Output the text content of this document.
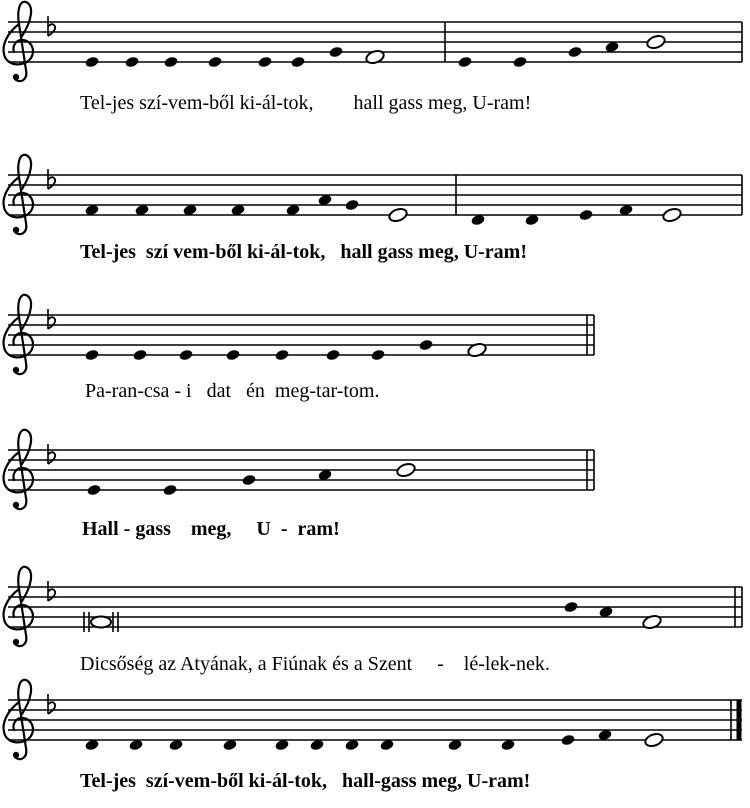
Tel-jes szí-vem-ből ki-ál-tok,        hall gass meg, U-ram!
Tel-jes  szí vem-ből ki-ál-tok,   hall gass meg, U-ram!
Pa-ran-csa - i   dat   én  meg-tar-tom.
Hall - gass    meg,     U  -  ram!
Dicsőség az Atyának, a Fiúnak és a Szent     -    lé-lek-nek.
Tel-jes  szí-vem-ből ki-ál-tok,   hall-gass meg, U-ram!
